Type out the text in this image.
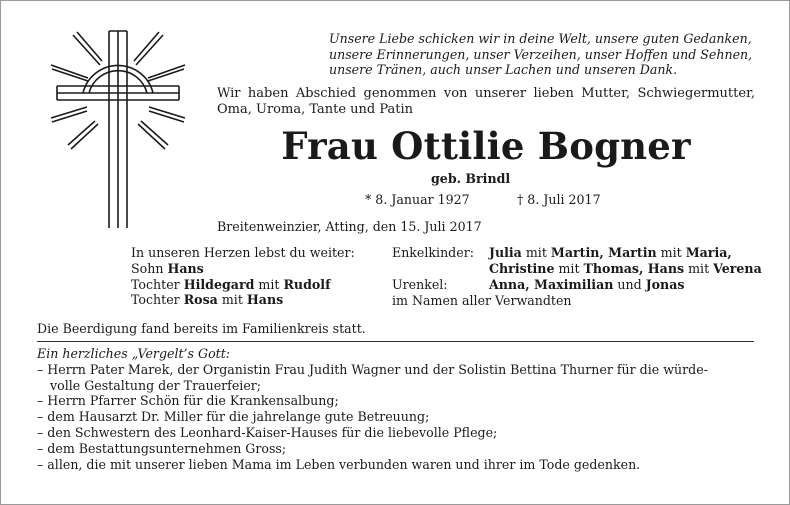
Unsere Liebe schicken wir in deine Welt, unsere guten Gedanken,
unsere Erinnerungen, unser Verzeihen, unser Hoffen und Sehnen,
unsere Tränen, auch unser Lachen und unseren Dank.
Wir haben Abschied genommen von unserer lieben Mutter, Schwiegermutter, Oma, Uroma, Tante und Patin
Frau Ottilie Bogner
geb. Brindl
* 8. Januar 1927	† 8. Juli 2017
Breitenweinzier, Atting, den 15. Juli 2017
In unseren Herzen lebst du weiter:
Sohn Hans
Tochter Hildegard mit Rudolf
Tochter Rosa mit Hans
Enkelkinder:
Urenkel:
Julia mit Martin, Martin mit Maria,
Christine mit Thomas, Hans mit Verena
Anna, Maximilian und Jonas
im Namen aller Verwandten
Die Beerdigung fand bereits im Familienkreis statt.
Ein herzliches „Vergelt’s Gott:
– Herrn Pater Marek, der Organistin Frau Judith Wagner und der Solistin Bettina Thurner für die würde-
volle Gestaltung der Trauerfeier;
– Herrn Pfarrer Schön für die Krankensalbung;
– dem Hausarzt Dr. Miller für die jahrelange gute Betreuung;
– den Schwestern des Leonhard-Kaiser-Hauses für die liebevolle Pflege;
– dem Bestattungsunternehmen Gross;
– allen, die mit unserer lieben Mama im Leben verbunden waren und ihrer im Tode gedenken.
